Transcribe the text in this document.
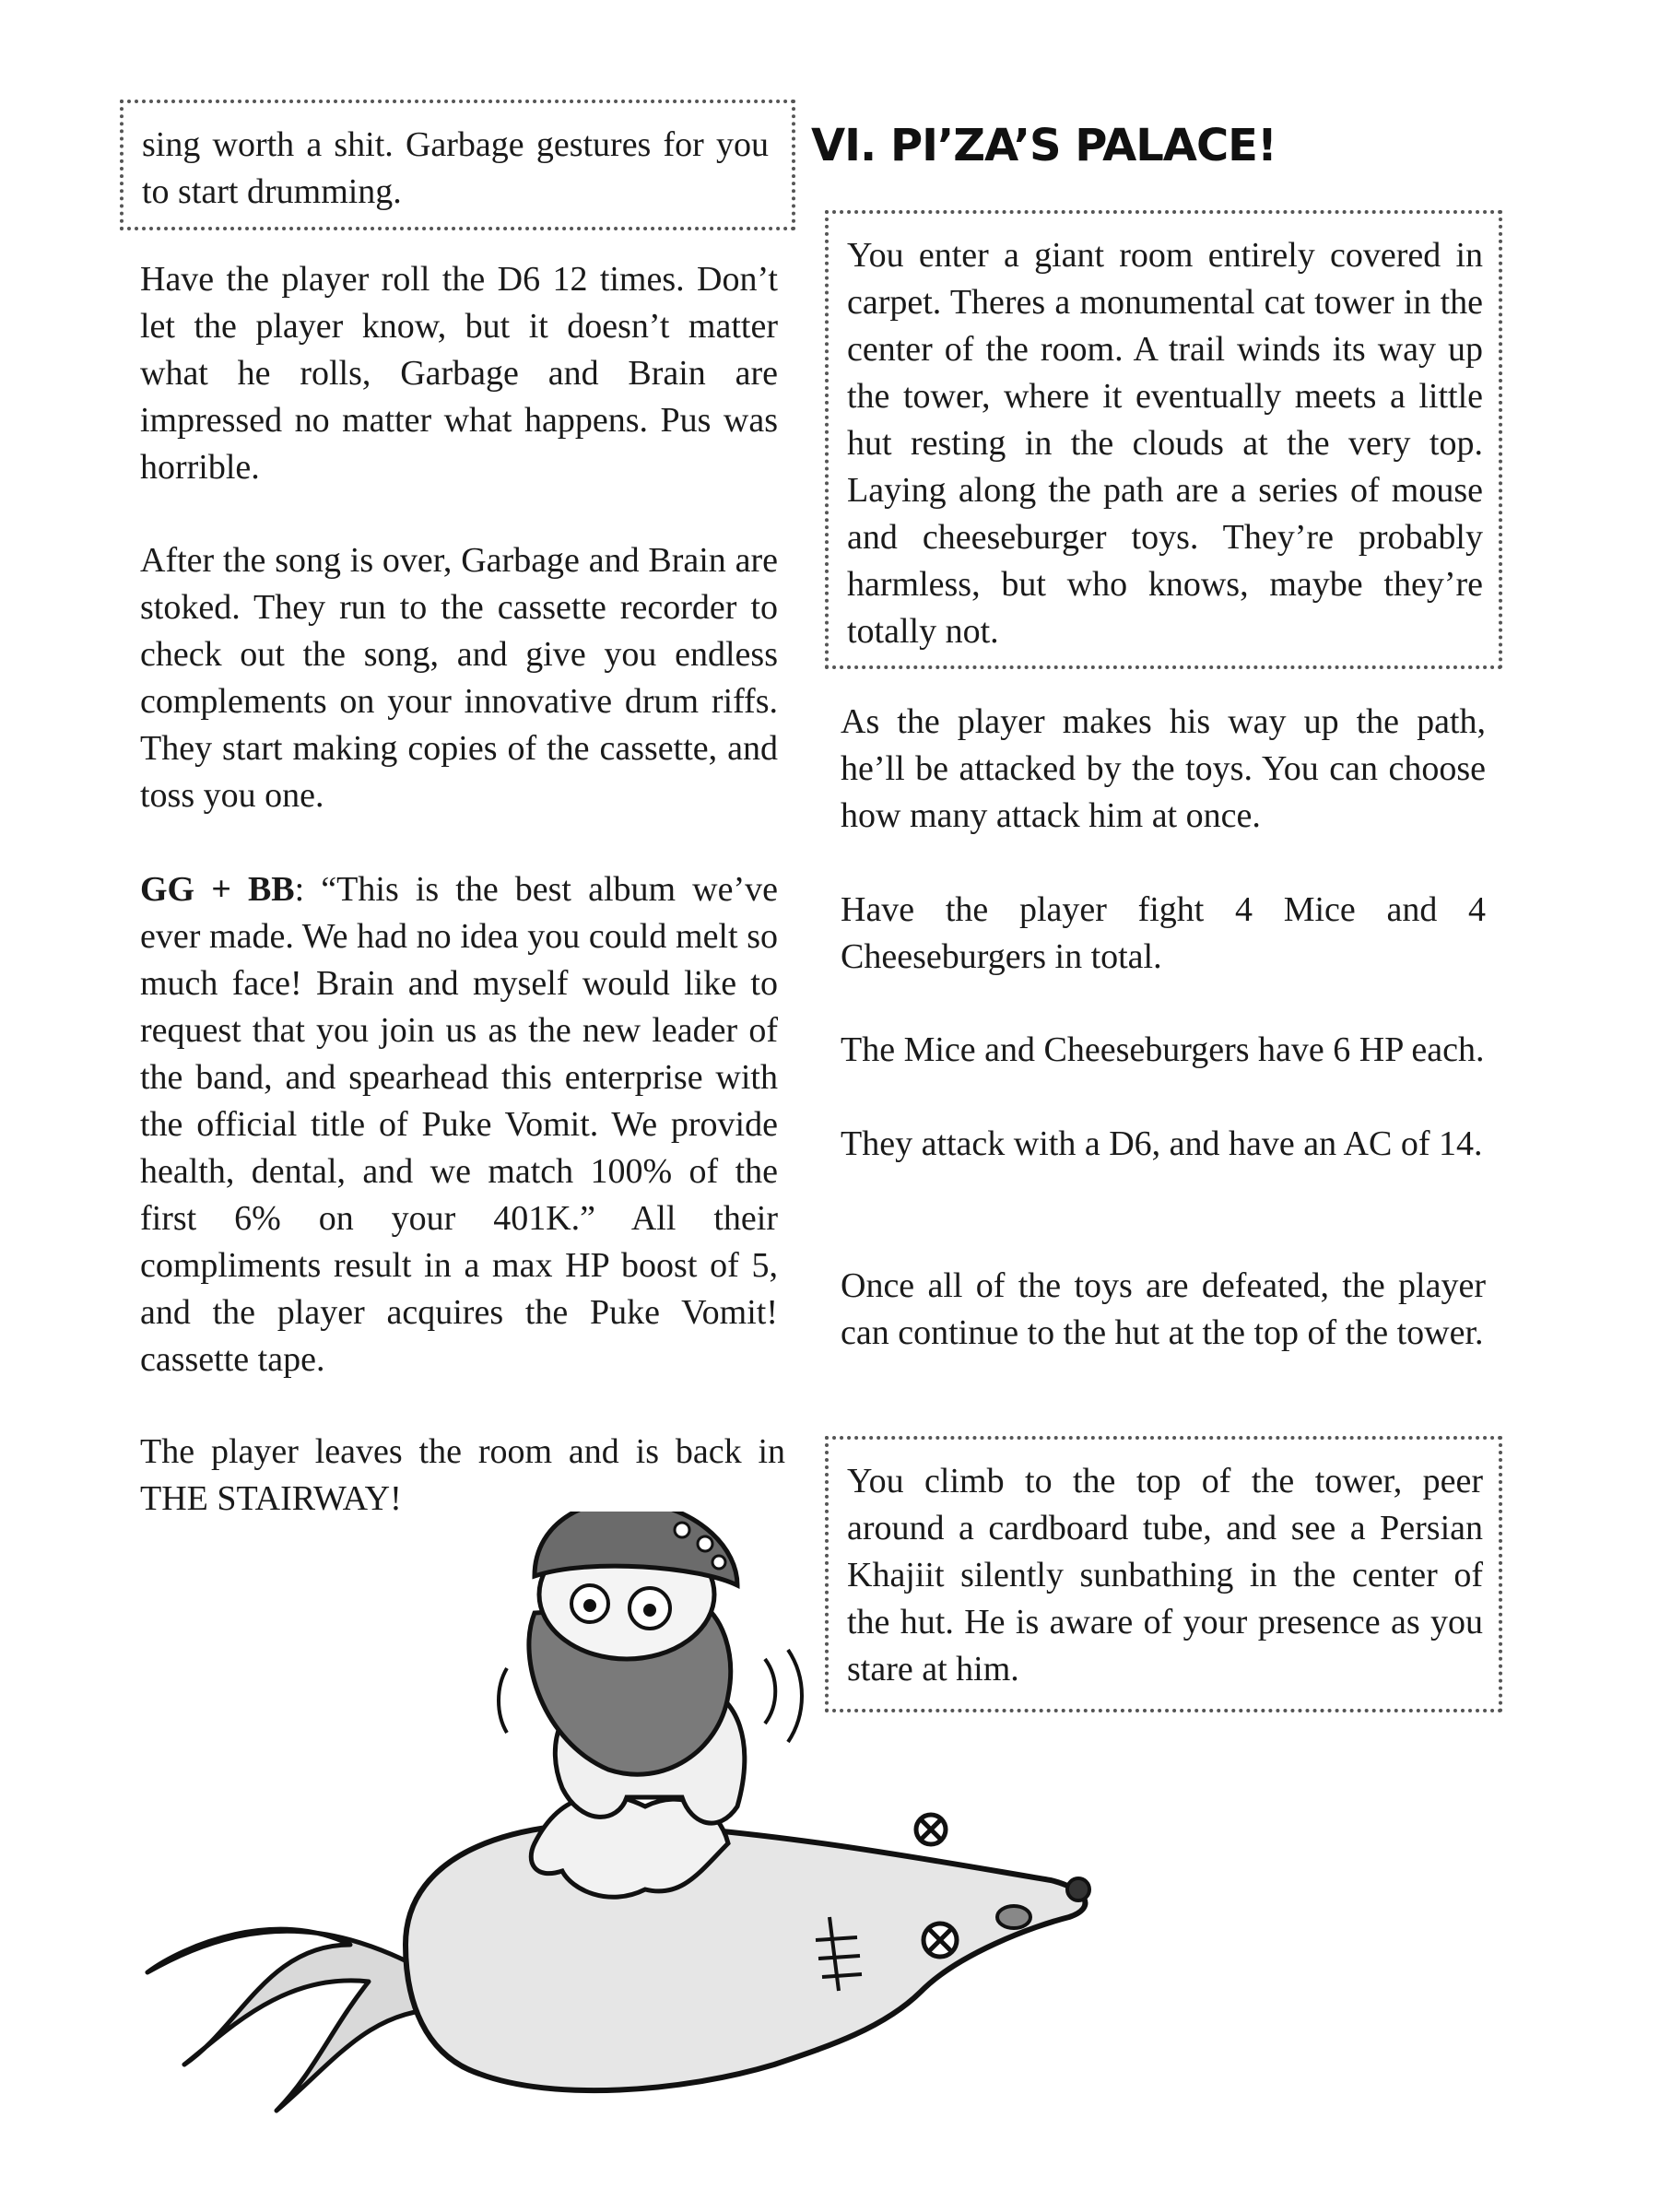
sing worth a shit. Garbage gestures for you to start drumming.

Have the player roll the D6 12 times. Don’t let the player know, but it doesn’t matter what he rolls, Garbage and Brain are impressed no matter what happens. Pus was horrible.

After the song is over, Garbage and Brain are stoked. They run to the cassette recorder to check out the song, and give you endless complements on your innovative drum riffs. They start making copies of the cassette, and toss you one.

GG + BB: “This is the best album we’ve ever made. We had no idea you could melt so much face! Brain and myself would like to request that you join us as the new leader of the band, and spearhead this enterprise with the official title of Puke Vomit. We provide health, dental, and we match 100% of the first 6% on your 401K.” All their compliments result in a max HP boost of 5, and the player acquires the Puke Vomit! cassette tape.

The player leaves the room and is back in THE STAIRWAY!

VI. PI’ZA’S PALACE!

You enter a giant room entirely covered in carpet. Theres a monumental cat tower in the center of the room. A trail winds its way up the tower, where it eventually meets a little hut resting in the clouds at the very top. Laying along the path are a series of mouse and cheeseburger toys. They’re probably harmless, but who knows, maybe they’re totally not.

As the player makes his way up the path, he’ll be attacked by the toys. You can choose how many attack him at once.

Have the player fight 4 Mice and 4 Cheeseburgers in total.

The Mice and Cheeseburgers have 6 HP each.

They attack with a D6, and have an AC of 14.

Once all of the toys are defeated, the player can continue to the hut at the top of the tower.

You climb to the top of the tower, peer around a cardboard tube, and see a Persian Khajiit silently sunbathing in the center of the hut. He is aware of your presence as you stare at him.
